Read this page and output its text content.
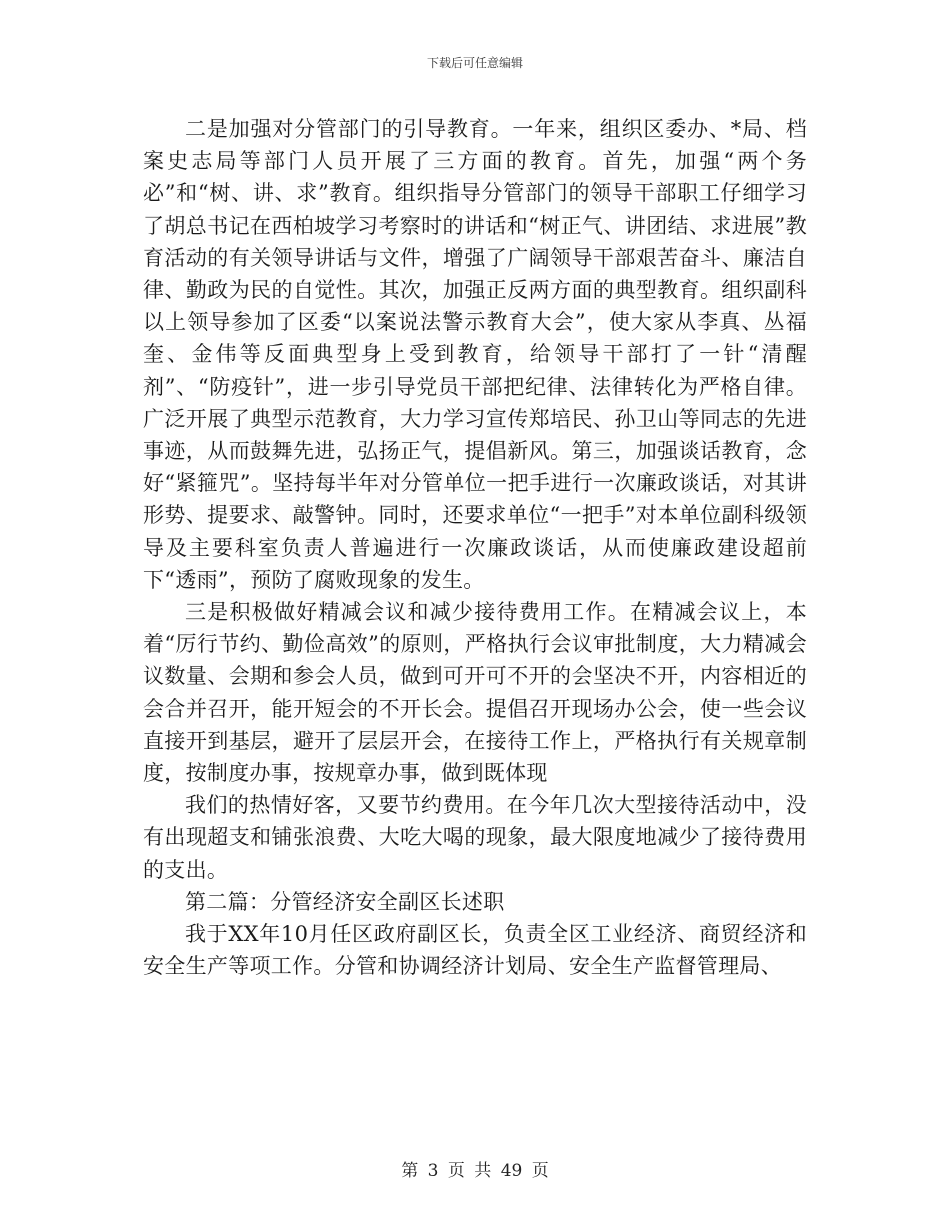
下载后可任意编辑

二是加强对分管部门的引导教育。一年来，组织区委办、*局、档案史志局等部门人员开展了三方面的教育。首先，加强“两个务必”和“树、讲、求”教育。组织指导分管部门的领导干部职工仔细学习了胡总书记在西柏坡学习考察时的讲话和“树正气、讲团结、求进展”教育活动的有关领导讲话与文件，增强了广阔领导干部艰苦奋斗、廉洁自律、勤政为民的自觉性。其次，加强正反两方面的典型教育。组织副科以上领导参加了区委“以案说法警示教育大会”，使大家从李真、丛福奎、金伟等反面典型身上受到教育，给领导干部打了一针“清醒剂”、“防疫针”，进一步引导党员干部把纪律、法律转化为严格自律。广泛开展了典型示范教育，大力学习宣传郑培民、孙卫山等同志的先进事迹，从而鼓舞先进，弘扬正气，提倡新风。第三，加强谈话教育，念好“紧箍咒”。坚持每半年对分管单位一把手进行一次廉政谈话，对其讲形势、提要求、敲警钟。同时，还要求单位“一把手”对本单位副科级领导及主要科室负责人普遍进行一次廉政谈话，从而使廉政建设超前下“透雨”，预防了腐败现象的发生。

三是积极做好精减会议和减少接待费用工作。在精减会议上，本着“厉行节约、勤俭高效”的原则，严格执行会议审批制度，大力精减会议数量、会期和参会人员，做到可开可不开的会坚决不开，内容相近的会合并召开，能开短会的不开长会。提倡召开现场办公会，使一些会议直接开到基层，避开了层层开会，在接待工作上，严格执行有关规章制度，按制度办事，按规章办事，做到既体现

我们的热情好客，又要节约费用。在今年几次大型接待活动中，没有出现超支和铺张浪费、大吃大喝的现象，最大限度地减少了接待费用的支出。

第二篇：分管经济安全副区长述职

我于XX年10月任区政府副区长，负责全区工业经济、商贸经济和安全生产等项工作。分管和协调经济计划局、安全生产监督管理局、

第 3 页 共 49 页
